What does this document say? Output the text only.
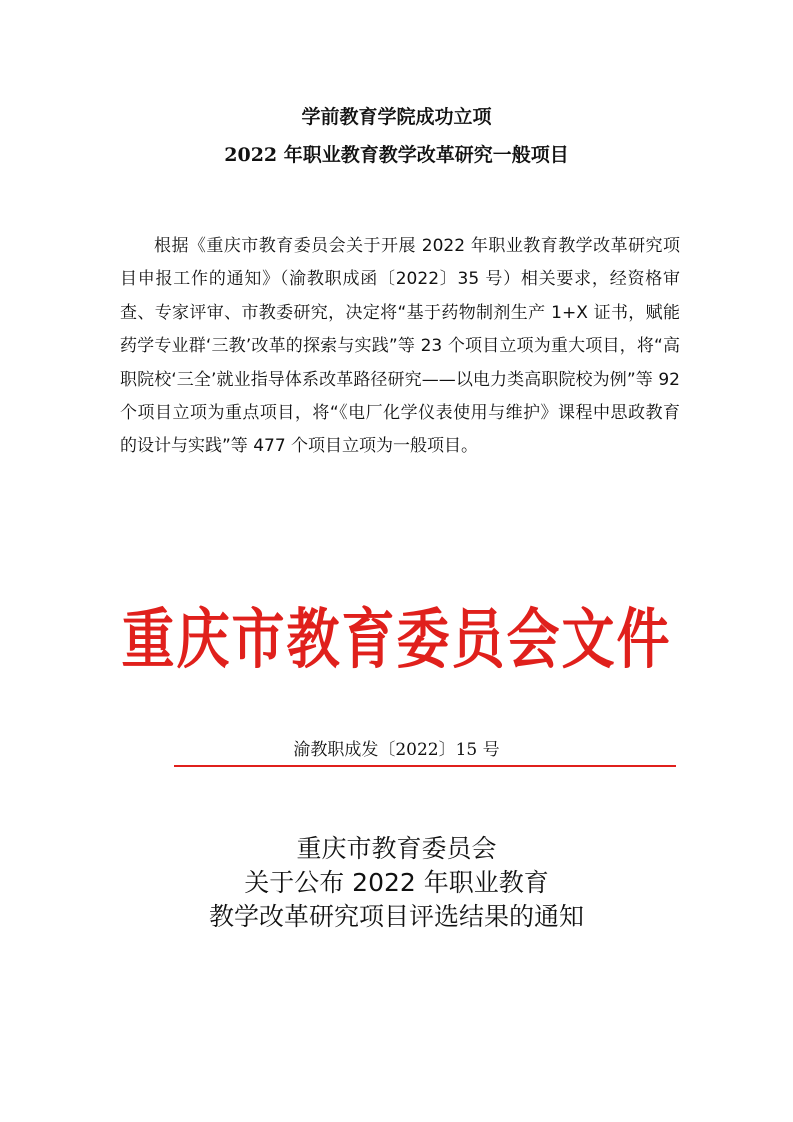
学前教育学院成功立项
2022 年职业教育教学改革研究一般项目

根据《重庆市教育委员会关于开展 2022 年职业教育教学改革研究项目申报工作的通知》（渝教职成函〔2022〕35 号）相关要求，经资格审查、专家评审、市教委研究，决定将“基于药物制剂生产 1+X 证书，赋能药学专业群‘三教’改革的探索与实践”等 23 个项目立项为重大项目，将“高职院校‘三全’就业指导体系改革路径研究——以电力类高职院校为例”等 92 个项目立项为重点项目，将“《电厂化学仪表使用与维护》课程中思政教育的设计与实践”等 477 个项目立项为一般项目。

重庆市教育委员会文件
渝教职成发〔2022〕15 号
重庆市教育委员会
关于公布 2022 年职业教育
教学改革研究项目评选结果的通知
